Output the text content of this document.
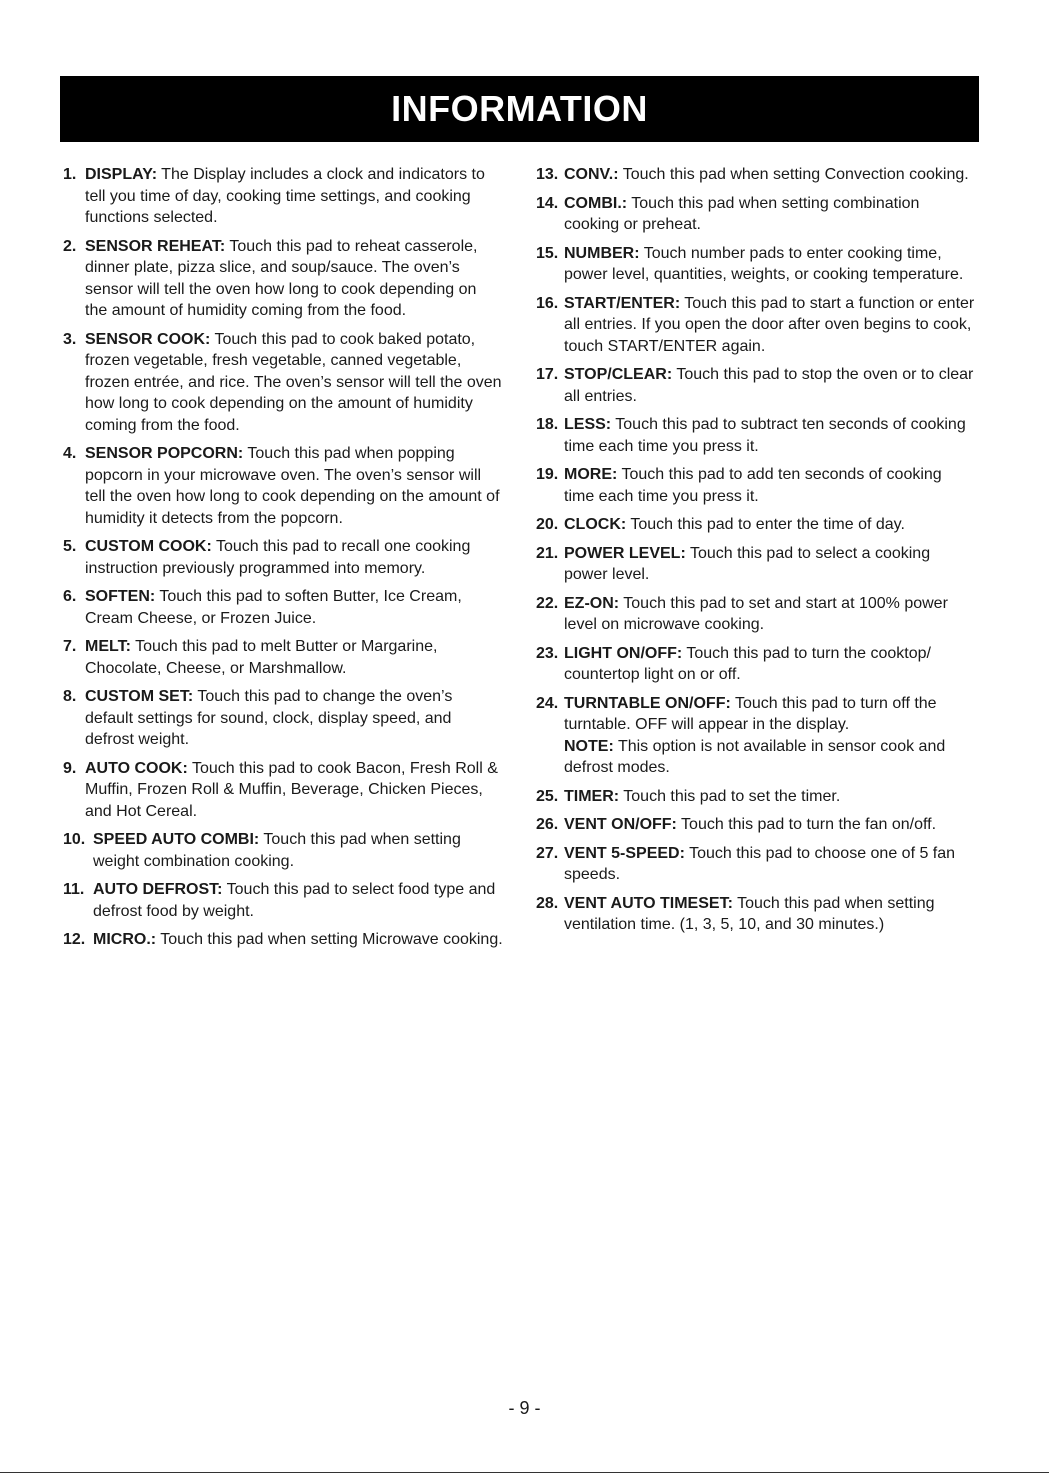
INFORMATION
1. DISPLAY: The Display includes a clock and indicators to tell you time of day, cooking time settings, and cooking functions selected.
2. SENSOR REHEAT: Touch this pad to reheat casserole, dinner plate, pizza slice, and soup/sauce. The oven’s sensor will tell the oven how long to cook depending on the amount of humidity coming from the food.
3. SENSOR COOK: Touch this pad to cook baked potato, frozen vegetable, fresh vegetable, canned vegetable, frozen entrée, and rice. The oven’s sensor will tell the oven how long to cook depending on the amount of humidity coming from the food.
4. SENSOR POPCORN: Touch this pad when popping popcorn in your microwave oven. The oven’s sensor will tell the oven how long to cook depending on the amount of humidity it detects from the popcorn.
5. CUSTOM COOK: Touch this pad to recall one cooking instruction previously programmed into memory.
6. SOFTEN: Touch this pad to soften Butter, Ice Cream, Cream Cheese, or Frozen Juice.
7. MELT: Touch this pad to melt Butter or Margarine, Chocolate, Cheese, or Marshmallow.
8. CUSTOM SET: Touch this pad to change the oven’s default settings for sound, clock, display speed, and defrost weight.
9. AUTO COOK: Touch this pad to cook Bacon, Fresh Roll & Muffin, Frozen Roll & Muffin, Beverage, Chicken Pieces, and Hot Cereal.
10. SPEED AUTO COMBI: Touch this pad when setting weight combination cooking.
11. AUTO DEFROST: Touch this pad to select food type and defrost food by weight.
12. MICRO.: Touch this pad when setting Microwave cooking.
13. CONV.: Touch this pad when setting Convection cooking.
14. COMBI.: Touch this pad when setting combination cooking or preheat.
15. NUMBER: Touch number pads to enter cooking time, power level, quantities, weights, or cooking temperature.
16. START/ENTER: Touch this pad to start a function or enter all entries. If you open the door after oven begins to cook, touch START/ENTER again.
17. STOP/CLEAR: Touch this pad to stop the oven or to clear all entries.
18. LESS: Touch this pad to subtract ten seconds of cooking time each time you press it.
19. MORE: Touch this pad to add ten seconds of cooking time each time you press it.
20. CLOCK: Touch this pad to enter the time of day.
21. POWER LEVEL: Touch this pad to select a cooking power level.
22. EZ-ON: Touch this pad to set and start at 100% power level on microwave cooking.
23. LIGHT ON/OFF: Touch this pad to turn the cooktop/ countertop light on or off.
24. TURNTABLE ON/OFF: Touch this pad to turn off the turntable. OFF will appear in the display.
NOTE: This option is not available in sensor cook and defrost modes.
25. TIMER: Touch this pad to set the timer.
26. VENT ON/OFF: Touch this pad to turn the fan on/off.
27. VENT 5-SPEED: Touch this pad to choose one of 5 fan speeds.
28. VENT AUTO TIMESET: Touch this pad when setting ventilation time. (1, 3, 5, 10, and 30 minutes.)
- 9 -
